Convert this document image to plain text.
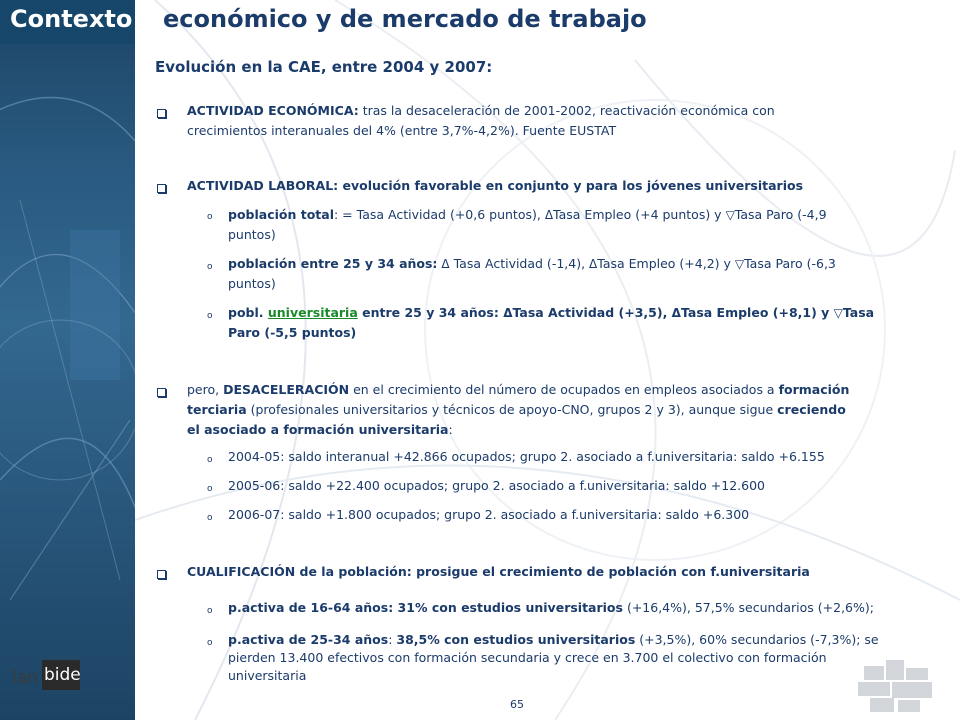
Contexto económico y de mercado de trabajo
Evolución en la CAE, entre 2004 y 2007:
ACTIVIDAD ECONÓMICA: tras la desaceleración de 2001-2002, reactivación económica con
crecimientos interanuales del 4% (entre 3,7%-4,2%). Fuente EUSTAT
ACTIVIDAD LABORAL: evolución favorable en conjunto y para los jóvenes universitarios
o población total: = Tasa Actividad (+0,6 puntos), ΔTasa Empleo (+4 puntos) y ▽Tasa Paro (-4,9
puntos)
o población entre 25 y 34 años: Δ Tasa Actividad (-1,4), ΔTasa Empleo (+4,2) y ▽Tasa Paro (-6,3
puntos)
o pobl. universitaria entre 25 y 34 años: ΔTasa Actividad (+3,5), ΔTasa Empleo (+8,1) y ▽Tasa
Paro (-5,5 puntos)
pero, DESACELERACIÓN en el crecimiento del número de ocupados en empleos asociados a formación
terciaria (profesionales universitarios y técnicos de apoyo-CNO, grupos 2 y 3), aunque sigue creciendo
el asociado a formación universitaria:
o 2004-05: saldo interanual +42.866 ocupados; grupo 2. asociado a f.universitaria: saldo +6.155
o 2005-06: saldo +22.400 ocupados; grupo 2. asociado a f.universitaria: saldo +12.600
o 2006-07: saldo +1.800 ocupados; grupo 2. asociado a f.universitaria: saldo +6.300
CUALIFICACIÓN de la población: prosigue el crecimiento de población con f.universitaria
o p.activa de 16-64 años: 31% con estudios universitarios (+16,4%), 57,5% secundarios (+2,6%);
o p.activa de 25-34 años: 38,5% con estudios universitarios (+3,5%), 60% secundarios (-7,3%); se
pierden 13.400 efectivos con formación secundaria y crece en 3.700 el colectivo con formación
universitaria
lan bide
65
